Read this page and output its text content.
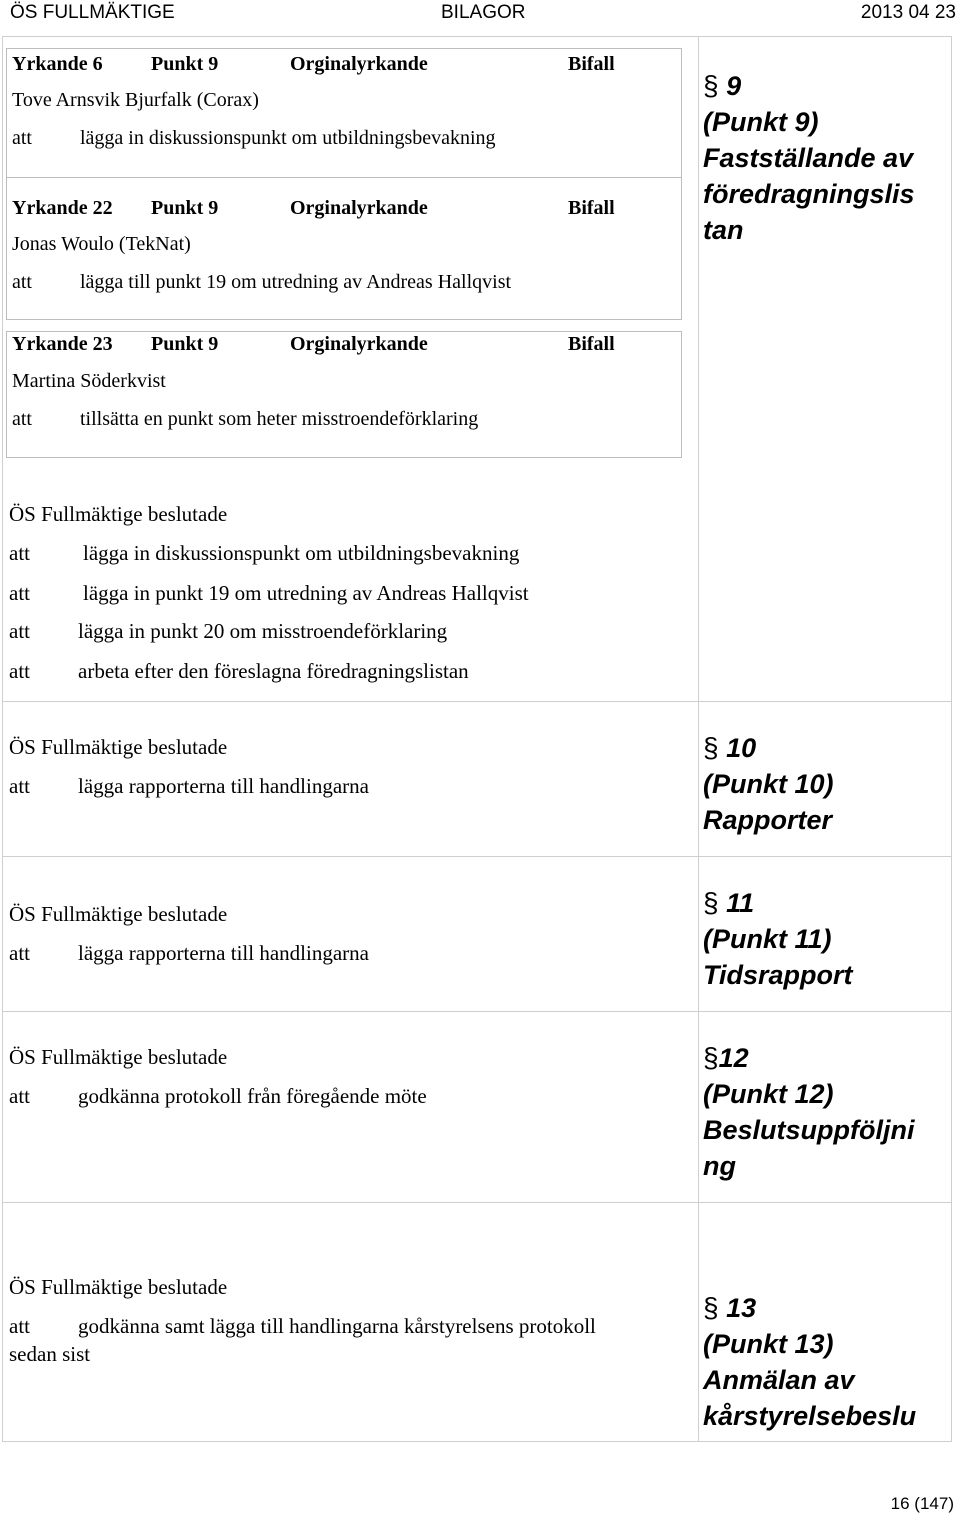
ÖS FULLMÄKTIGE	BILAGOR	2013 04 23
Yrkande 6 Punkt 9	Orginalyrkande	Bifall
Tove Arnsvik Bjurfalk (Corax)
att lägga in diskussionspunkt om utbildningsbevakning
Yrkande 22 Punkt 9	Orginalyrkande	Bifall
Jonas Woulo (TekNat)
att lägga till punkt 19 om utredning av Andreas Hallqvist
Yrkande 23 Punkt 9	Orginalyrkande	Bifall
Martina Söderkvist
att tillsätta en punkt som heter misstroendeförklaring
§ 9
(Punkt 9)
Fastställande av
föredragningslis
tan
ÖS Fullmäktige beslutade
att	lägga in diskussionspunkt om utbildningsbevakning
att	lägga in punkt 19 om utredning av Andreas Hallqvist
att lägga in punkt 20 om misstroendeförklaring
att arbeta efter den föreslagna föredragningslistan
ÖS Fullmäktige beslutade
att lägga rapporterna till handlingarna
§ 10
(Punkt 10)
Rapporter
ÖS Fullmäktige beslutade
att lägga rapporterna till handlingarna
§ 11
(Punkt 11)
Tidsrapport
ÖS Fullmäktige beslutade
att godkänna protokoll från föregående möte
§12
(Punkt 12)
Beslutsuppföljni
ng
ÖS Fullmäktige beslutade
att godkänna samt lägga till handlingarna kårstyrelsens protokoll
sedan sist
§ 13
(Punkt 13)
Anmälan av
kårstyrelsebeslu
16 (147)
